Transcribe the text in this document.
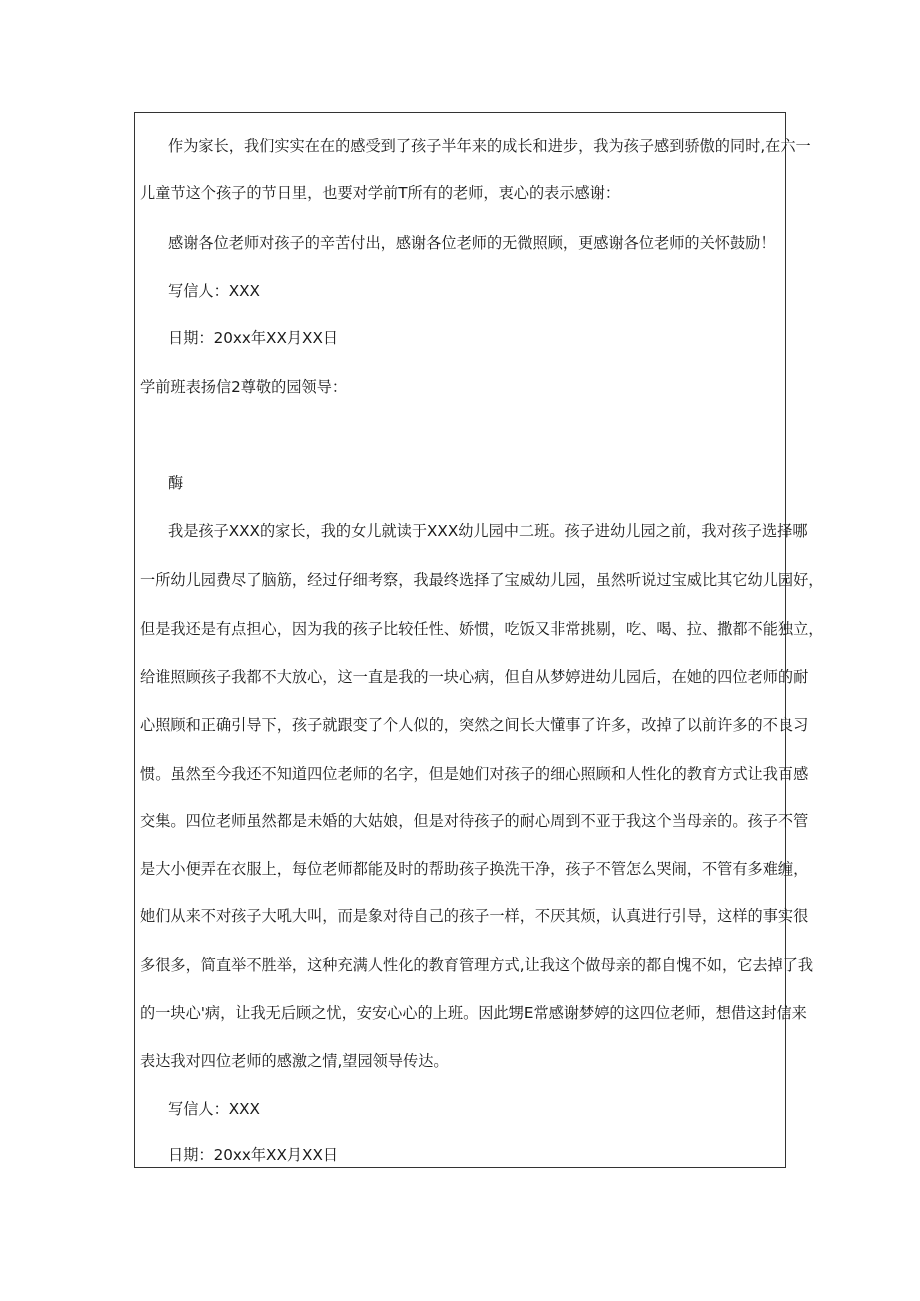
作为家长，我们实实在在的感受到了孩子半年来的成长和进步，我为孩子感到骄傲的同时,在六一
儿童节这个孩子的节日里，也要对学前T所有的老师，衷心的表示感谢：
感谢各位老师对孩子的辛苦付出，感谢各位老师的无微照顾，更感谢各位老师的关怀鼓励！
写信人：XXX
日期：20xx年XX月XX日
学前班表扬信2尊敬的园领导：
酶
我是孩子XXX的家长，我的女儿就读于XXX幼儿园中二班。孩子进幼儿园之前，我对孩子选择哪
一所幼儿园费尽了脑筋，经过仔细考察，我最终选择了宝威幼儿园，虽然听说过宝威比其它幼儿园好，
但是我还是有点担心，因为我的孩子比较任性、娇惯，吃饭又非常挑剔，吃、喝、拉、撒都不能独立，
给谁照顾孩子我都不大放心，这一直是我的一块心病，但自从梦婷进幼儿园后，在她的四位老师的耐
心照顾和正确引导下，孩子就跟变了个人似的，突然之间长大懂事了许多，改掉了以前许多的不良习
惯。虽然至今我还不知道四位老师的名字，但是她们对孩子的细心照顾和人性化的教育方式让我百感
交集。四位老师虽然都是未婚的大姑娘，但是对待孩子的耐心周到不亚于我这个当母亲的。孩子不管
是大小便弄在衣服上，每位老师都能及时的帮助孩子换洗干净，孩子不管怎么哭闹，不管有多难缠，
她们从来不对孩子大吼大叫，而是象对待自己的孩子一样，不厌其烦，认真进行引导，这样的事实很
多很多，简直举不胜举，这种充满人性化的教育管理方式,让我这个做母亲的都自愧不如，它去掉了我
的一块心'病，让我无后顾之忧，安安心心的上班。因此甥E常感谢梦婷的这四位老师，想借这封信来
表达我对四位老师的感激之情,望园领导传达。
写信人：XXX
日期：20xx年XX月XX日
